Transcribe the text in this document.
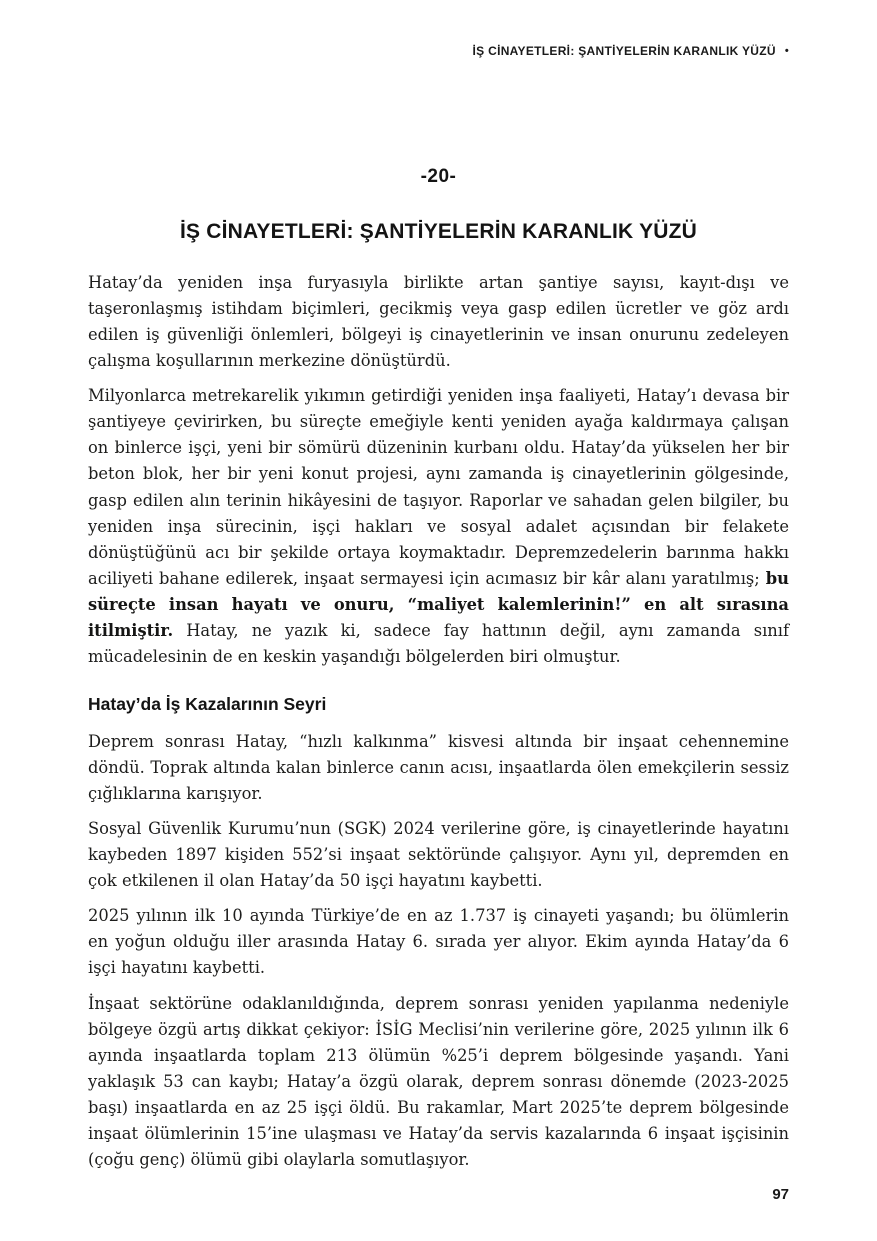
İŞ CİNAYETLERİ: ŞANTİYELERİN KARANLIK YÜZÜ •
-20-
İŞ CİNAYETLERİ: ŞANTİYELERİN KARANLIK YÜZÜ

Hatay’da yeniden inşa furyasıyla birlikte artan şantiye sayısı, kayıt-dışı ve taşeronlaşmış istihdam biçimleri, gecikmiş veya gasp edilen ücretler ve göz ardı edilen iş güvenliği önlemleri, bölgeyi iş cinayetlerinin ve insan onurunu zedeleyen çalışma koşullarının merkezine dönüştürdü.

Milyonlarca metrekarelik yıkımın getirdiği yeniden inşa faaliyeti, Hatay’ı devasa bir şantiyeye çevirirken, bu süreçte emeğiyle kenti yeniden ayağa kaldırmaya çalışan on binlerce işçi, yeni bir sömürü düzeninin kurbanı oldu. Hatay’da yükselen her bir beton blok, her bir yeni konut projesi, aynı zamanda iş cinayetlerinin gölgesinde, gasp edilen alın terinin hikâyesini de taşıyor. Raporlar ve sahadan gelen bilgiler, bu yeniden inşa sürecinin, işçi hakları ve sosyal adalet açısından bir felakete dönüştüğünü acı bir şekilde ortaya koymaktadır. Depremzedelerin barınma hakkı aciliyeti bahane edilerek, inşaat sermayesi için acımasız bir kâr alanı yaratılmış; bu süreçte insan hayatı ve onuru, “maliyet kalemlerinin!” en alt sırasına itilmiştir. Hatay, ne yazık ki, sadece fay hattının değil, aynı zamanda sınıf mücadelesinin de en keskin yaşandığı bölgelerden biri olmuştur.

Hatay’da İş Kazalarının Seyri

Deprem sonrası Hatay, “hızlı kalkınma” kisvesi altında bir inşaat cehennemine döndü. Toprak altında kalan binlerce canın acısı, inşaatlarda ölen emekçilerin sessiz çığlıklarına karışıyor.

Sosyal Güvenlik Kurumu’nun (SGK) 2024 verilerine göre, iş cinayetlerinde hayatını kaybeden 1897 kişiden 552’si inşaat sektöründe çalışıyor. Aynı yıl, depremden en çok etkilenen il olan Hatay’da 50 işçi hayatını kaybetti.

2025 yılının ilk 10 ayında Türkiye’de en az 1.737 iş cinayeti yaşandı; bu ölümlerin en yoğun olduğu iller arasında Hatay 6. sırada yer alıyor. Ekim ayında Hatay’da 6 işçi hayatını kaybetti.

İnşaat sektörüne odaklanıldığında, deprem sonrası yeniden yapılanma nedeniyle bölgeye özgü artış dikkat çekiyor: İSİG Meclisi’nin verilerine göre, 2025 yılının ilk 6 ayında inşaatlarda toplam 213 ölümün %25’i deprem bölgesinde yaşandı. Yani yaklaşık 53 can kaybı; Hatay’a özgü olarak, deprem sonrası dönemde (2023-2025 başı) inşaatlarda en az 25 işçi öldü. Bu rakamlar, Mart 2025’te deprem bölgesinde inşaat ölümlerinin 15’ine ulaşması ve Hatay’da servis kazalarında 6 inşaat işçisinin (çoğu genç) ölümü gibi olaylarla somutlaşıyor.

97
